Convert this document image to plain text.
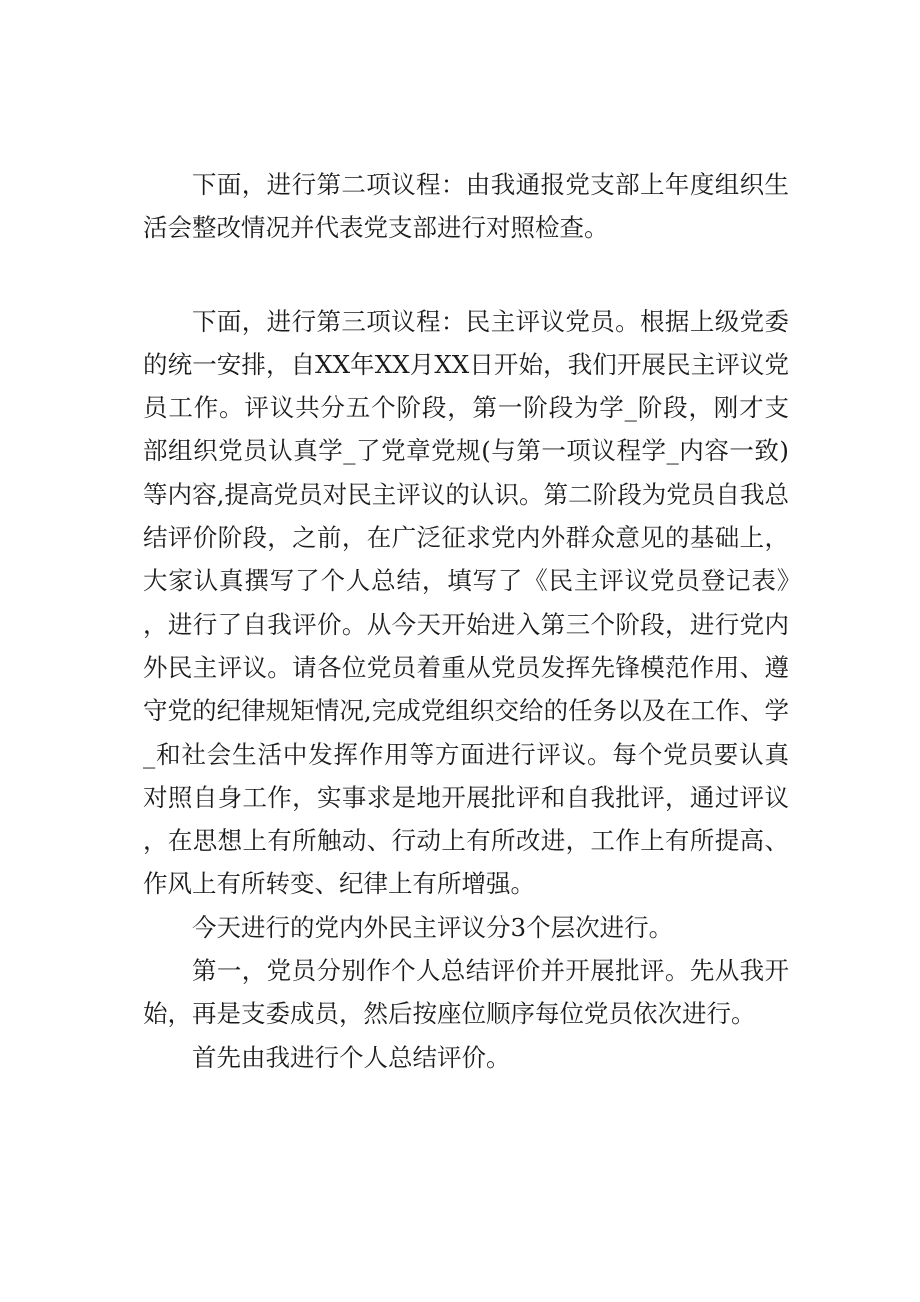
下面，进行第二项议程：由我通报党支部上年度组织生活会整改情况并代表党支部进行对照检查。

下面，进行第三项议程：民主评议党员。根据上级党委的统一安排，自XX年XX月XX日开始，我们开展民主评议党员工作。评议共分五个阶段，第一阶段为学_阶段，刚才支部组织党员认真学_了党章党规(与第一项议程学_内容一致)等内容,提高党员对民主评议的认识。第二阶段为党员自我总结评价阶段，之前，在广泛征求党内外群众意见的基础上，大家认真撰写了个人总结，填写了《民主评议党员登记表》，进行了自我评价。从今天开始进入第三个阶段，进行党内外民主评议。请各位党员着重从党员发挥先锋模范作用、遵守党的纪律规矩情况,完成党组织交给的任务以及在工作、学_和社会生活中发挥作用等方面进行评议。每个党员要认真对照自身工作，实事求是地开展批评和自我批评，通过评议，在思想上有所触动、行动上有所改进，工作上有所提高、作风上有所转变、纪律上有所增强。

今天进行的党内外民主评议分3个层次进行。

第一，党员分别作个人总结评价并开展批评。先从我开始，再是支委成员，然后按座位顺序每位党员依次进行。

首先由我进行个人总结评价。
